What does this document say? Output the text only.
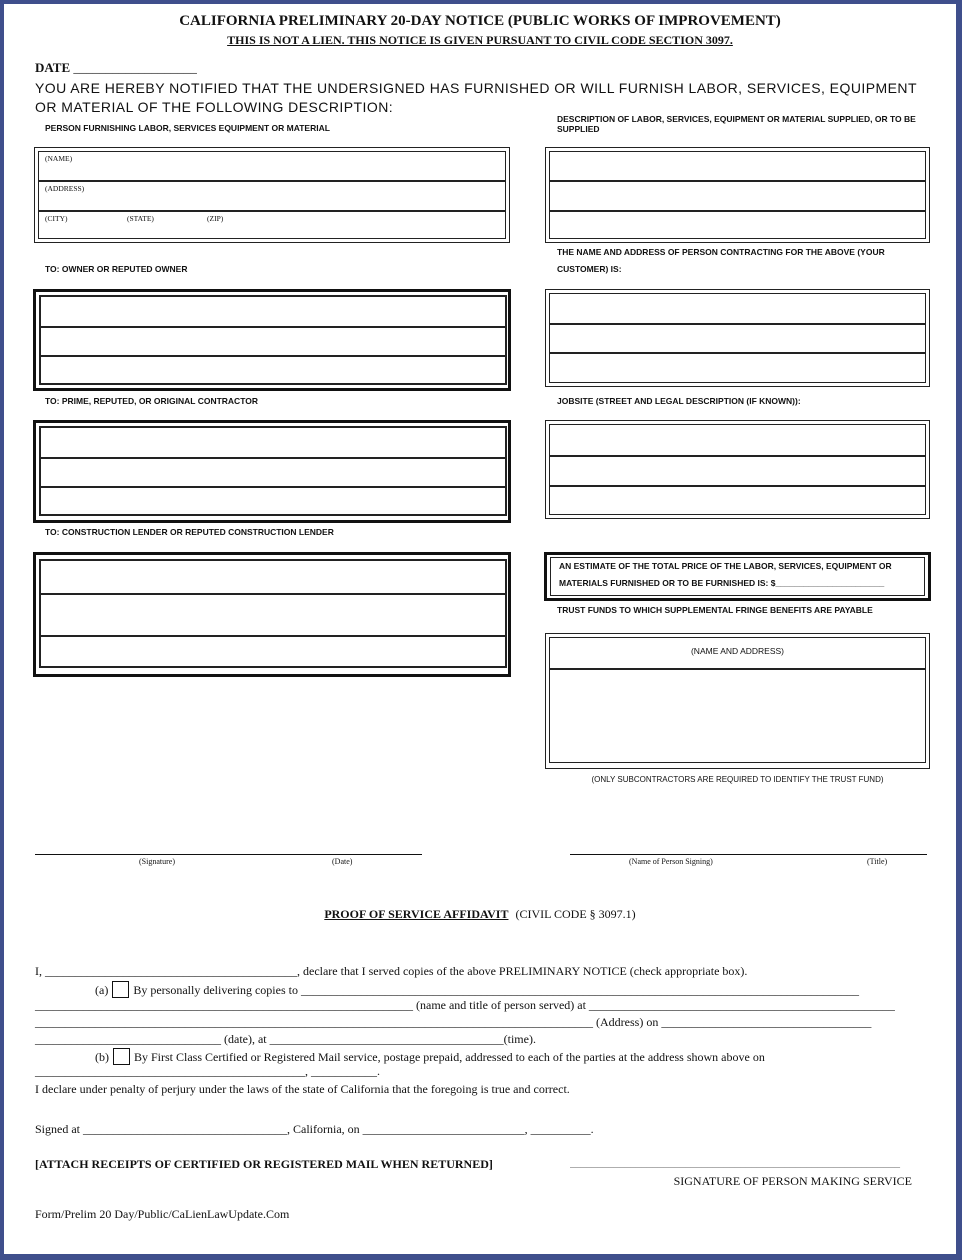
CALIFORNIA PRELIMINARY 20-DAY NOTICE (PUBLIC WORKS OF IMPROVEMENT)
THIS IS NOT A LIEN. THIS NOTICE IS GIVEN PURSUANT TO CIVIL CODE SECTION 3097.
DATE ___________________
YOU ARE HEREBY NOTIFIED THAT THE UNDERSIGNED HAS FURNISHED OR WILL FURNISH LABOR, SERVICES, EQUIPMENT OR MATERIAL OF THE FOLLOWING DESCRIPTION:
PERSON FURNISHING LABOR, SERVICES EQUIPMENT OR MATERIAL
(NAME)
(ADDRESS)
(CITY)	(STATE)	(ZIP)
DESCRIPTION OF LABOR, SERVICES, EQUIPMENT OR MATERIAL SUPPLIED, OR TO BE SUPPLIED
TO: OWNER OR REPUTED OWNER
THE NAME AND ADDRESS OF PERSON CONTRACTING FOR THE ABOVE (YOUR
CUSTOMER) IS:
TO: PRIME, REPUTED, OR ORIGINAL CONTRACTOR	JOBSITE (STREET AND LEGAL DESCRIPTION (IF KNOWN)):
TO: CONSTRUCTION LENDER OR REPUTED CONSTRUCTION LENDER
AN ESTIMATE OF THE TOTAL PRICE OF THE LABOR, SERVICES, EQUIPMENT OR
MATERIALS FURNISHED OR TO BE FURNISHED IS: $_______________________
TRUST FUNDS TO WHICH SUPPLEMENTAL FRINGE BENEFITS ARE PAYABLE
(NAME AND ADDRESS)
(ONLY SUBCONTRACTORS ARE REQUIRED TO IDENTIFY THE TRUST FUND)
(Signature)	(Date)	(Name of Person Signing)	(Title)
PROOF OF SERVICE AFFIDAVIT (CIVIL CODE § 3097.1)
I, __________________________________________, declare that I served copies of the above PRELIMINARY NOTICE (check appropriate box).
(a) By personally delivering copies to _____________________________________________________________________________________________
_______________________________________________________________ (name and title of person served) at ___________________________________________________
_____________________________________________________________________________________________ (Address) on ___________________________________
_______________________________ (date), at _______________________________________(time).
(b) By First Class Certified or Registered Mail service, postage prepaid, addressed to each of the parties at the address shown above on
_____________________________________________, ___________.
I declare under penalty of perjury under the laws of the state of California that the foregoing is true and correct.
Signed at __________________________________, California, on ___________________________, __________.
[ATTACH RECEIPTS OF CERTIFIED OR REGISTERED MAIL WHEN RETURNED]	____________________________________________________________
SIGNATURE OF PERSON MAKING SERVICE
Form/Prelim 20 Day/Public/CaLienLawUpdate.Com
